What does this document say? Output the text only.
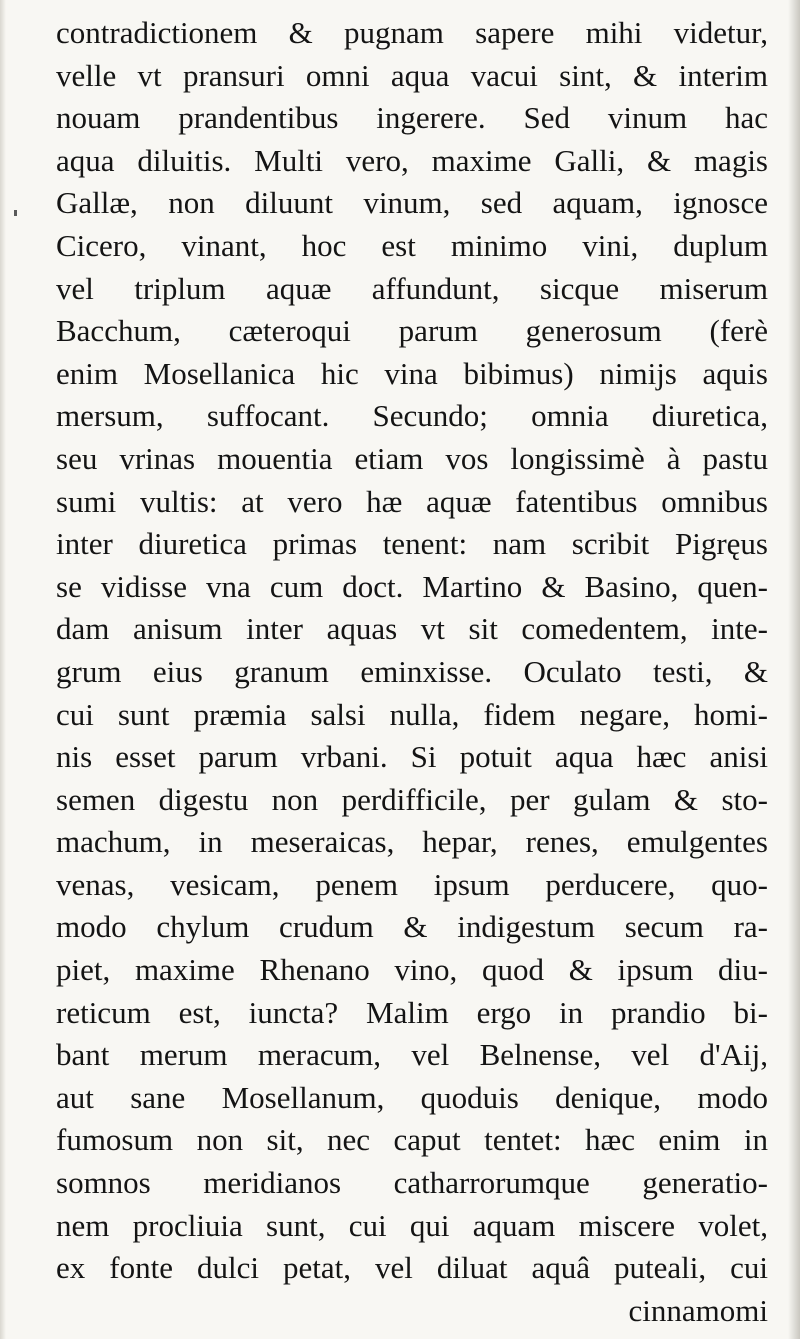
contradictionem & pugnam sapere mihi videtur,
velle vt pransuri omni aqua vacui sint, & interim
nouam prandentibus ingerere. Sed vinum hac
aqua diluitis. Multi vero, maxime Galli, & magis
Gallæ, non diluunt vinum, sed aquam, ignosce
Cicero, vinant, hoc est minimo vini, duplum
vel triplum aquæ affundunt, sicque miserum
Bacchum, cæteroqui parum generosum (ferè
enim Mosellanica hic vina bibimus) nimijs aquis
mersum, suffocant. Secundo; omnia diuretica,
seu vrinas mouentia etiam vos longissimè à pastu
sumi vultis: at vero hæ aquæ fatentibus omnibus
inter diuretica primas tenent: nam scribit Pigręus
se vidisse vna cum doct. Martino & Basino, quen-
dam anisum inter aquas vt sit comedentem, inte-
grum eius granum eminxisse. Oculato testi, &
cui sunt præmia salsi nulla, fidem negare, homi-
nis esset parum vrbani. Si potuit aqua hæc anisi
semen digestu non perdifficile, per gulam & sto-
machum, in meseraicas, hepar, renes, emulgentes
venas, vesicam, penem ipsum perducere, quo-
modo chylum crudum & indigestum secum ra-
piet, maxime Rhenano vino, quod & ipsum diu-
reticum est, iuncta? Malim ergo in prandio bi-
bant merum meracum, vel Belnense, vel d'Aij,
aut sane Mosellanum, quoduis denique, modo
fumosum non sit, nec caput tentet: hæc enim in
somnos meridianos catharrorumque generatio-
nem procliuia sunt, cui qui aquam miscere volet,
ex fonte dulci petat, vel diluat aquâ puteali, cui
cinnamomi
